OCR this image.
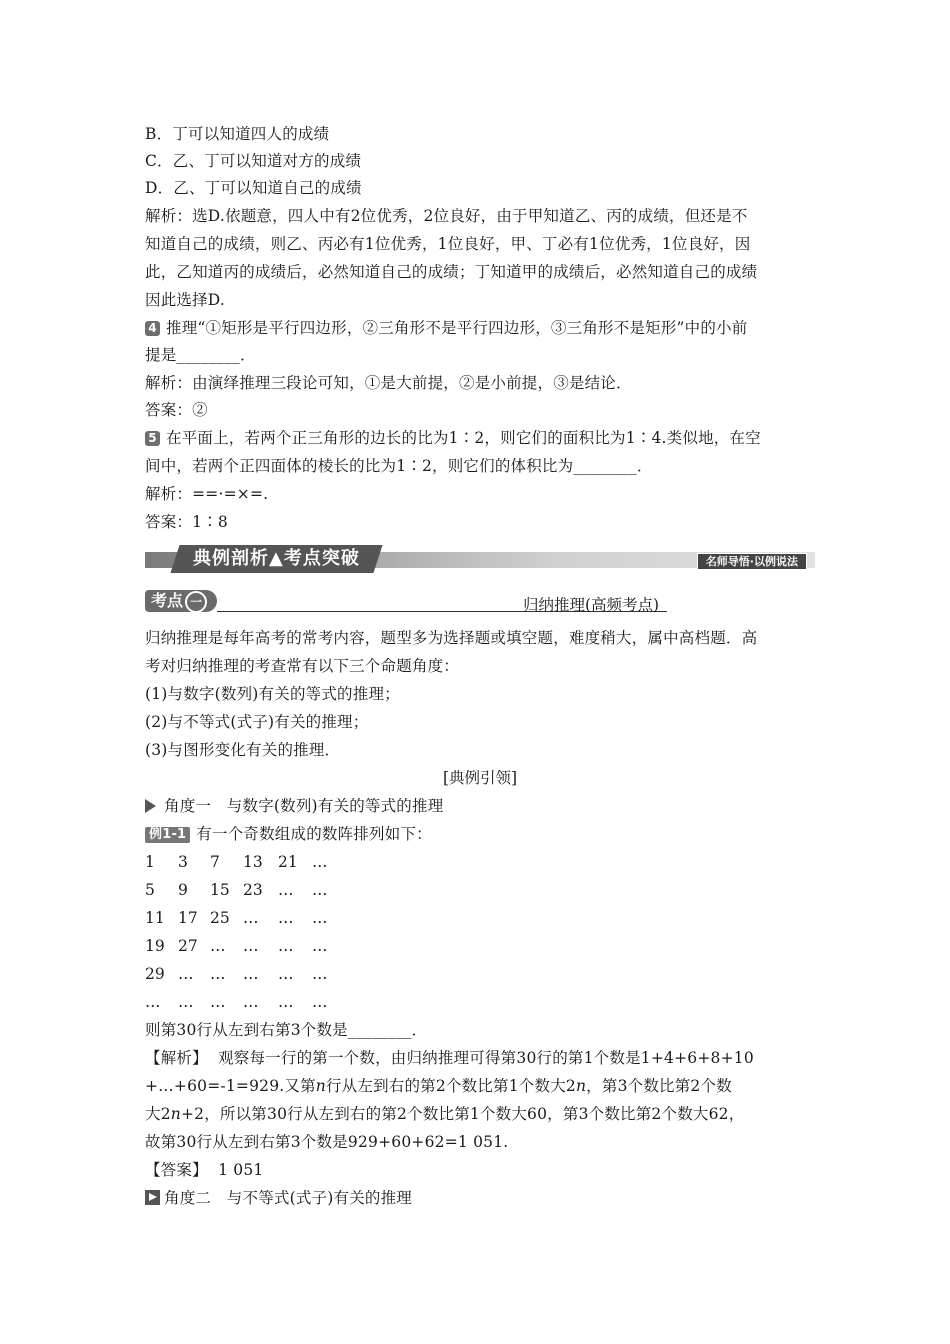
B．丁可以知道四人的成绩
C．乙、丁可以知道对方的成绩
D．乙、丁可以知道自己的成绩
解析：选D.依题意，四人中有2位优秀，2位良好，由于甲知道乙、丙的成绩，但还是不
知道自己的成绩，则乙、丙必有1位优秀，1位良好，甲、丁必有1位优秀，1位良好，因
此，乙知道丙的成绩后，必然知道自己的成绩；丁知道甲的成绩后，必然知道自己的成绩
因此选择D.
4 推理“①矩形是平行四边形，②三角形不是平行四边形，③三角形不是矩形”中的小前
提是________．
解析：由演绎推理三段论可知，①是大前提，②是小前提，③是结论．
答案：②
5 在平面上，若两个正三角形的边长的比为1∶2，则它们的面积比为1∶4.类似地，在空
间中，若两个正四面体的棱长的比为1∶2，则它们的体积比为________．
解析：==·=×=.
答案：1∶8
典例剖析▲考点突破	名师导悟·以例说法
考点 一	归纳推理(高频考点)
归纳推理是每年高考的常考内容，题型多为选择题或填空题，难度稍大，属中高档题．高
考对归纳推理的考查常有以下三个命题角度：
(1)与数字(数列)有关的等式的推理；
(2)与不等式(式子)有关的推理；
(3)与图形变化有关的推理．
[典例引领]
角度一　与数字(数列)有关的等式的推理
例1-1 有一个奇数组成的数阵排列如下：
1 3 7 13 21 …
5 9 15 23 … …
11 17 25 … … …
19 27 … … … …
29 … … … … …
… … … … … …
则第30行从左到右第3个数是________．
【解析】 观察每一行的第一个数，由归纳推理可得第30行的第1个数是1+4+6+8+10
+…+60=-1=929.又第n行从左到右的第2个数比第1个数大2n，第3个数比第2个数
大2n+2，所以第30行从左到右的第2个数比第1个数大60，第3个数比第2个数大62，
故第30行从左到右第3个数是929+60+62=1 051.
【答案】 1 051
角度二　与不等式(式子)有关的推理
